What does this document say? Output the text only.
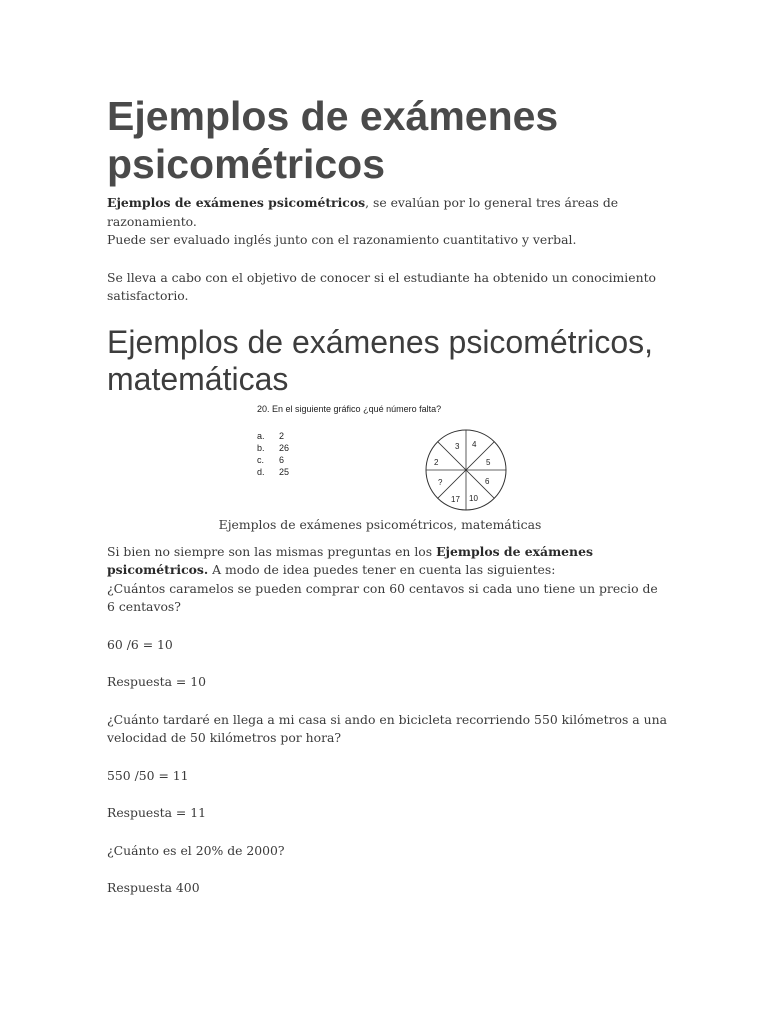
Ejemplos de exámenes psicométricos

Ejemplos de exámenes psicométricos, se evalúan por lo general tres áreas de razonamiento.
Puede ser evaluado inglés junto con el razonamiento cuantitativo y verbal.

Se lleva a cabo con el objetivo de conocer si el estudiante ha obtenido un conocimiento satisfactorio.

Ejemplos de exámenes psicométricos, matemáticas
20. En el siguiente gráfico ¿qué número falta?
a.	2
b.	26
c.	6
d.	25
3 4
5
6
10
17
?
2

Ejemplos de exámenes psicométricos, matemáticas

Si bien no siempre son las mismas preguntas en los Ejemplos de exámenes psicométricos. A modo de idea puedes tener en cuenta las siguientes:
¿Cuántos caramelos se pueden comprar con 60 centavos si cada uno tiene un precio de 6 centavos?

60 /6 = 10

Respuesta = 10

¿Cuánto tardaré en llega a mi casa si ando en bicicleta recorriendo 550 kilómetros a una velocidad de 50 kilómetros por hora?

550 /50 = 11

Respuesta = 11

¿Cuánto es el 20% de 2000?

Respuesta 400
